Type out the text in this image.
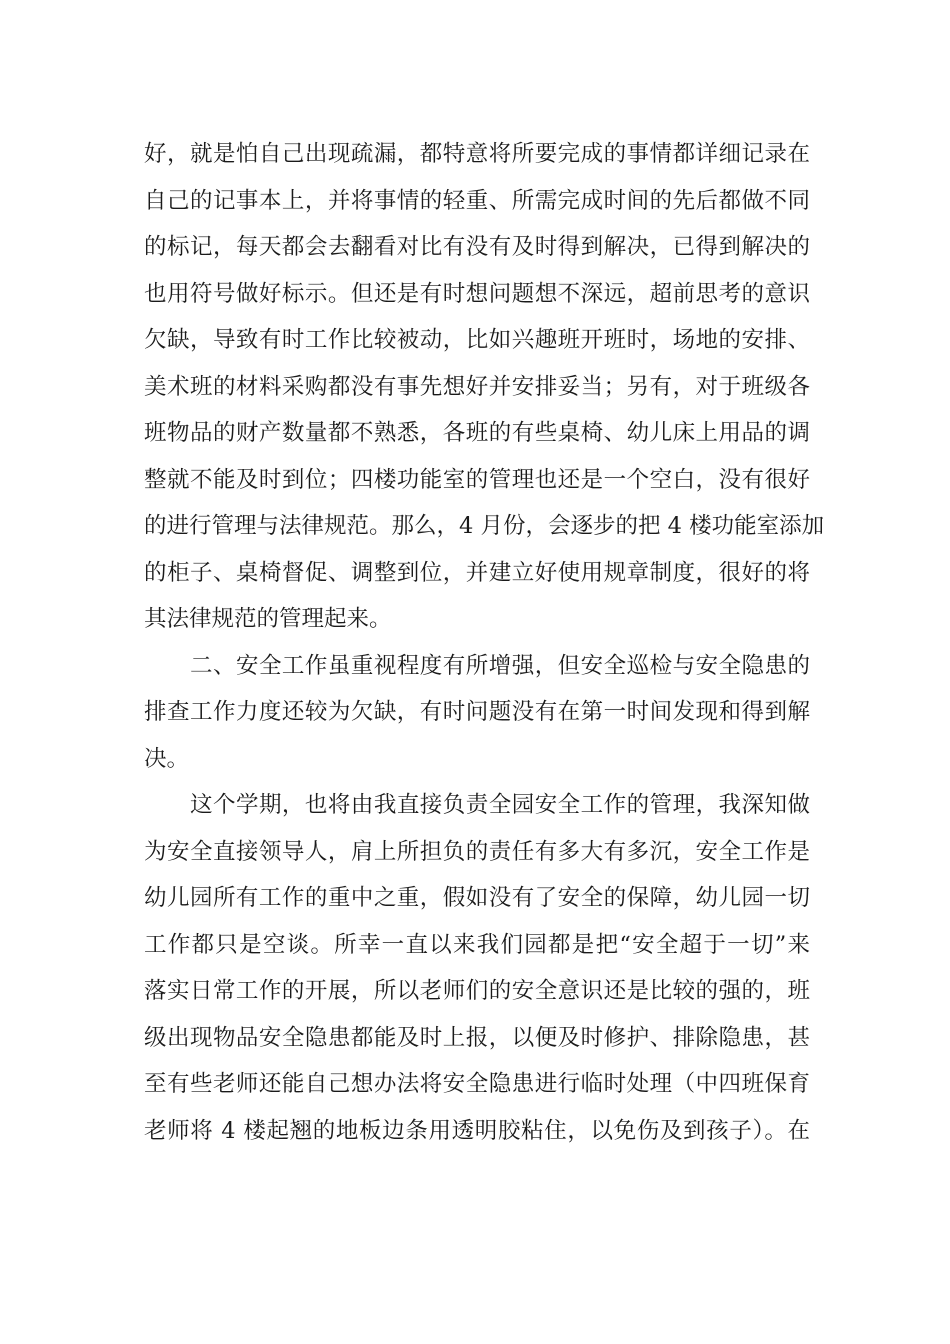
好，就是怕自己出现疏漏，都特意将所要完成的事情都详细记录在
自己的记事本上，并将事情的轻重、所需完成时间的先后都做不同
的标记，每天都会去翻看对比有没有及时得到解决，已得到解决的
也用符号做好标示。但还是有时想问题想不深远，超前思考的意识
欠缺，导致有时工作比较被动，比如兴趣班开班时，场地的安排、
美术班的材料采购都没有事先想好并安排妥当；另有，对于班级各
班物品的财产数量都不熟悉，各班的有些桌椅、幼儿床上用品的调
整就不能及时到位；四楼功能室的管理也还是一个空白，没有很好
的进行管理与法律规范。那么，4 月份，会逐步的把 4 楼功能室添加
的柜子、桌椅督促、调整到位，并建立好使用规章制度，很好的将
其法律规范的管理起来。
二、安全工作虽重视程度有所增强，但安全巡检与安全隐患的
排查工作力度还较为欠缺，有时问题没有在第一时间发现和得到解
决。
这个学期，也将由我直接负责全园安全工作的管理，我深知做
为安全直接领导人，肩上所担负的责任有多大有多沉，安全工作是
幼儿园所有工作的重中之重，假如没有了安全的保障，幼儿园一切
工作都只是空谈。所幸一直以来我们园都是把“安全超于一切”来
落实日常工作的开展，所以老师们的安全意识还是比较的强的，班
级出现物品安全隐患都能及时上报，以便及时修护、排除隐患，甚
至有些老师还能自己想办法将安全隐患进行临时处理（中四班保育
老师将 4 楼起翘的地板边条用透明胶粘住，以免伤及到孩子）。在
